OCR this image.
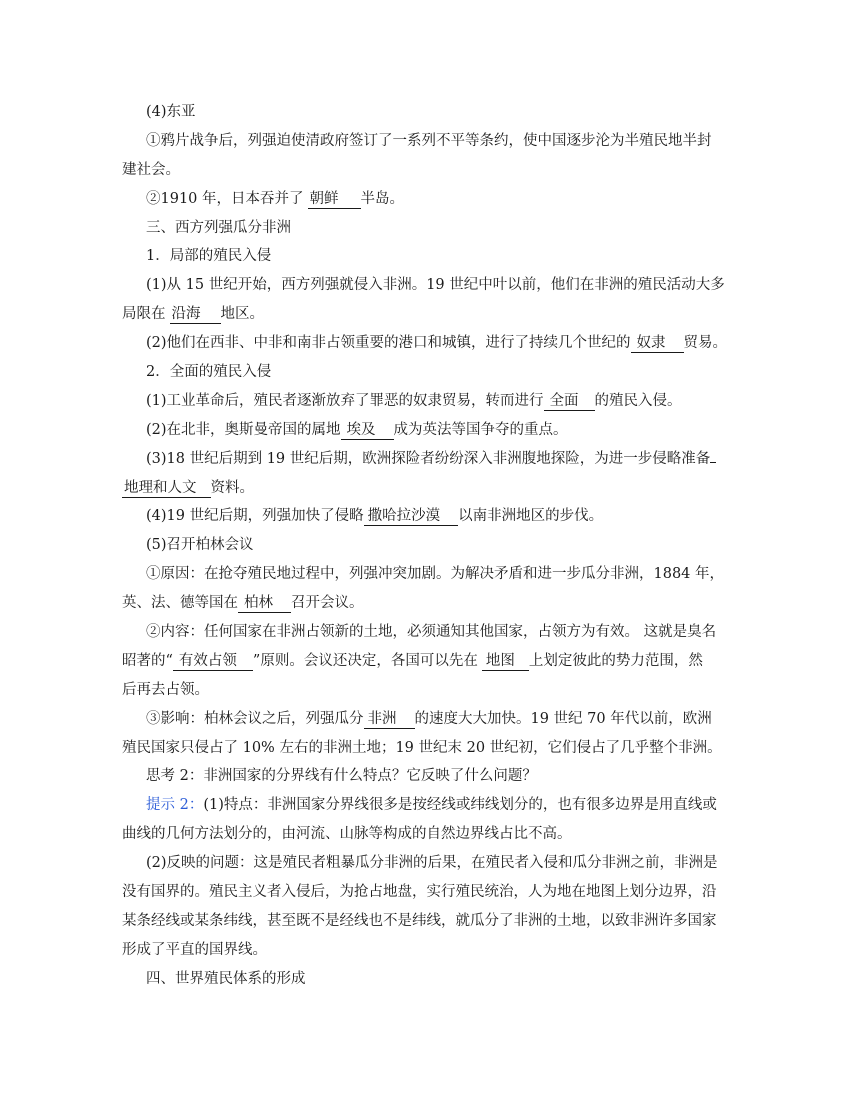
(4)东亚
①鸦片战争后，列强迫使清政府签订了一系列不平等条约，使中国逐步沦为半殖民地半封
建社会。
②1910 年，日本吞并了 朝鲜 半岛。
三、西方列强瓜分非洲
1．局部的殖民入侵
(1)从 15 世纪开始，西方列强就侵入非洲。19 世纪中叶以前，他们在非洲的殖民活动大多
局限在 沿海 地区。
(2)他们在西非、中非和南非占领重要的港口和城镇，进行了持续几个世纪的 奴隶 贸易。
2．全面的殖民入侵
(1)工业革命后，殖民者逐渐放弃了罪恶的奴隶贸易，转而进行 全面 的殖民入侵。
(2)在北非，奥斯曼帝国的属地 埃及 成为英法等国争夺的重点。
(3)18 世纪后期到 19 世纪后期，欧洲探险者纷纷深入非洲腹地探险，为进一步侵略准备
地理和人文 资料。
(4)19 世纪后期，列强加快了侵略 撒哈拉沙漠 以南非洲地区的步伐。
(5)召开柏林会议
①原因：在抢夺殖民地过程中，列强冲突加剧。为解决矛盾和进一步瓜分非洲，1884 年，
英、法、德等国在 柏林 召开会议。
②内容：任何国家在非洲占领新的土地，必须通知其他国家，占领方为有效。 这就是臭名
昭著的“ 有效占领 ”原则。会议还决定，各国可以先在 地图 上划定彼此的势力范围，然
后再去占领。
③影响：柏林会议之后，列强瓜分 非洲 的速度大大加快。19 世纪 70 年代以前，欧洲
殖民国家只侵占了 10% 左右的非洲土地；19 世纪末 20 世纪初，它们侵占了几乎整个非洲。
思考 2：非洲国家的分界线有什么特点？它反映了什么问题？
提示 2：(1)特点：非洲国家分界线很多是按经线或纬线划分的，也有很多边界是用直线或
曲线的几何方法划分的，由河流、山脉等构成的自然边界线占比不高。
(2)反映的问题：这是殖民者粗暴瓜分非洲的后果，在殖民者入侵和瓜分非洲之前，非洲是
没有国界的。殖民主义者入侵后，为抢占地盘，实行殖民统治，人为地在地图上划分边界，沿
某条经线或某条纬线，甚至既不是经线也不是纬线，就瓜分了非洲的土地，以致非洲许多国家
形成了平直的国界线。
四、世界殖民体系的形成
